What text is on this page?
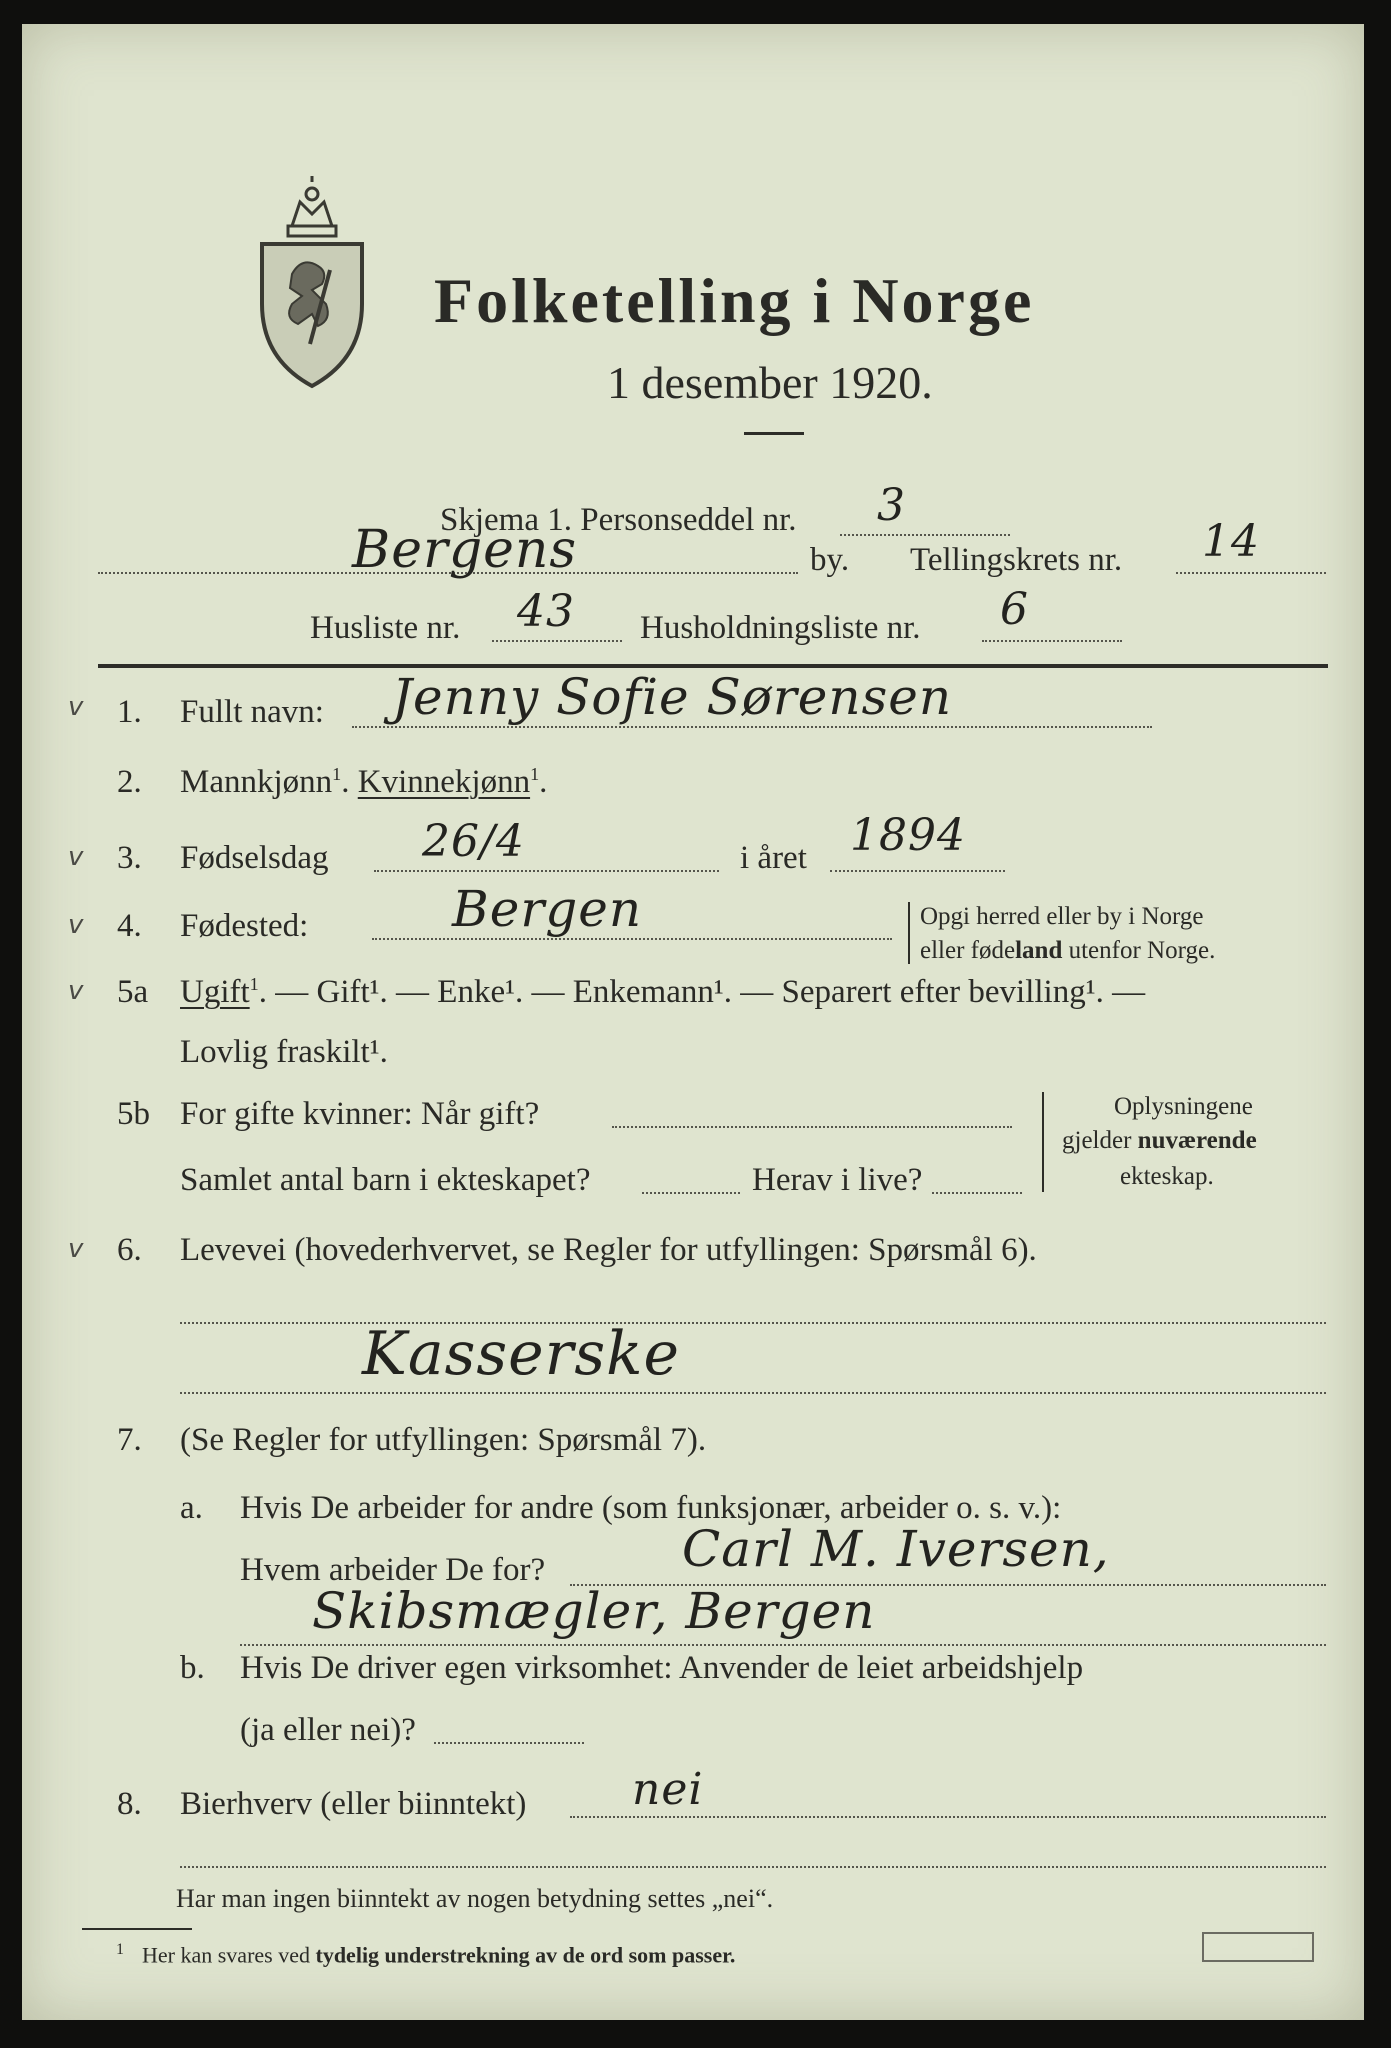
Folketelling i Norge
1 desember 1920.
Skjema 1. Personseddel nr. 3
Bergens	by. Tellingskrets nr. 14
Husliste nr. 43 Husholdningsliste nr. 6
v 1. Fullt navn: Jenny Sofie Sørensen
2. Mannkjønn$^1$. Kvinnekjønn$^1$.
v 3. Fødselsdag 26/4	i året 1894
v 4. Fødested:	Bergen	Opgi herred eller by i Norge
eller fødeland utenfor Norge.
v 5a Ugift$^1$. — Gift¹. — Enke¹. — Enkemann¹. — Separert efter bevilling¹. —
Lovlig fraskilt¹.
5b For gifte kvinner: Når gift?
Samlet antal barn i ekteskapet?	Herav i live?
Oplysningene
gjelder nuværende
ekteskap.
v 6. Levevei (hovederhvervet, se Regler for utfyllingen: Spørsmål 6).
Kasserske
7. (Se Regler for utfyllingen: Spørsmål 7).
a. Hvis De arbeider for andre (som funksjonær, arbeider o. s. v.):
Hvem arbeider De for?	Carl M. Iversen,
Skibsmægler, Bergen
b. Hvis De driver egen virksomhet: Anvender de leiet arbeidshjelp
(ja eller nei)?
8. Bierhverv (eller biinntekt) nei
Har man ingen biinntekt av nogen betydning settes „nei“.
$^1$ Her kan svares ved tydelig understrekning av de ord som passer.
